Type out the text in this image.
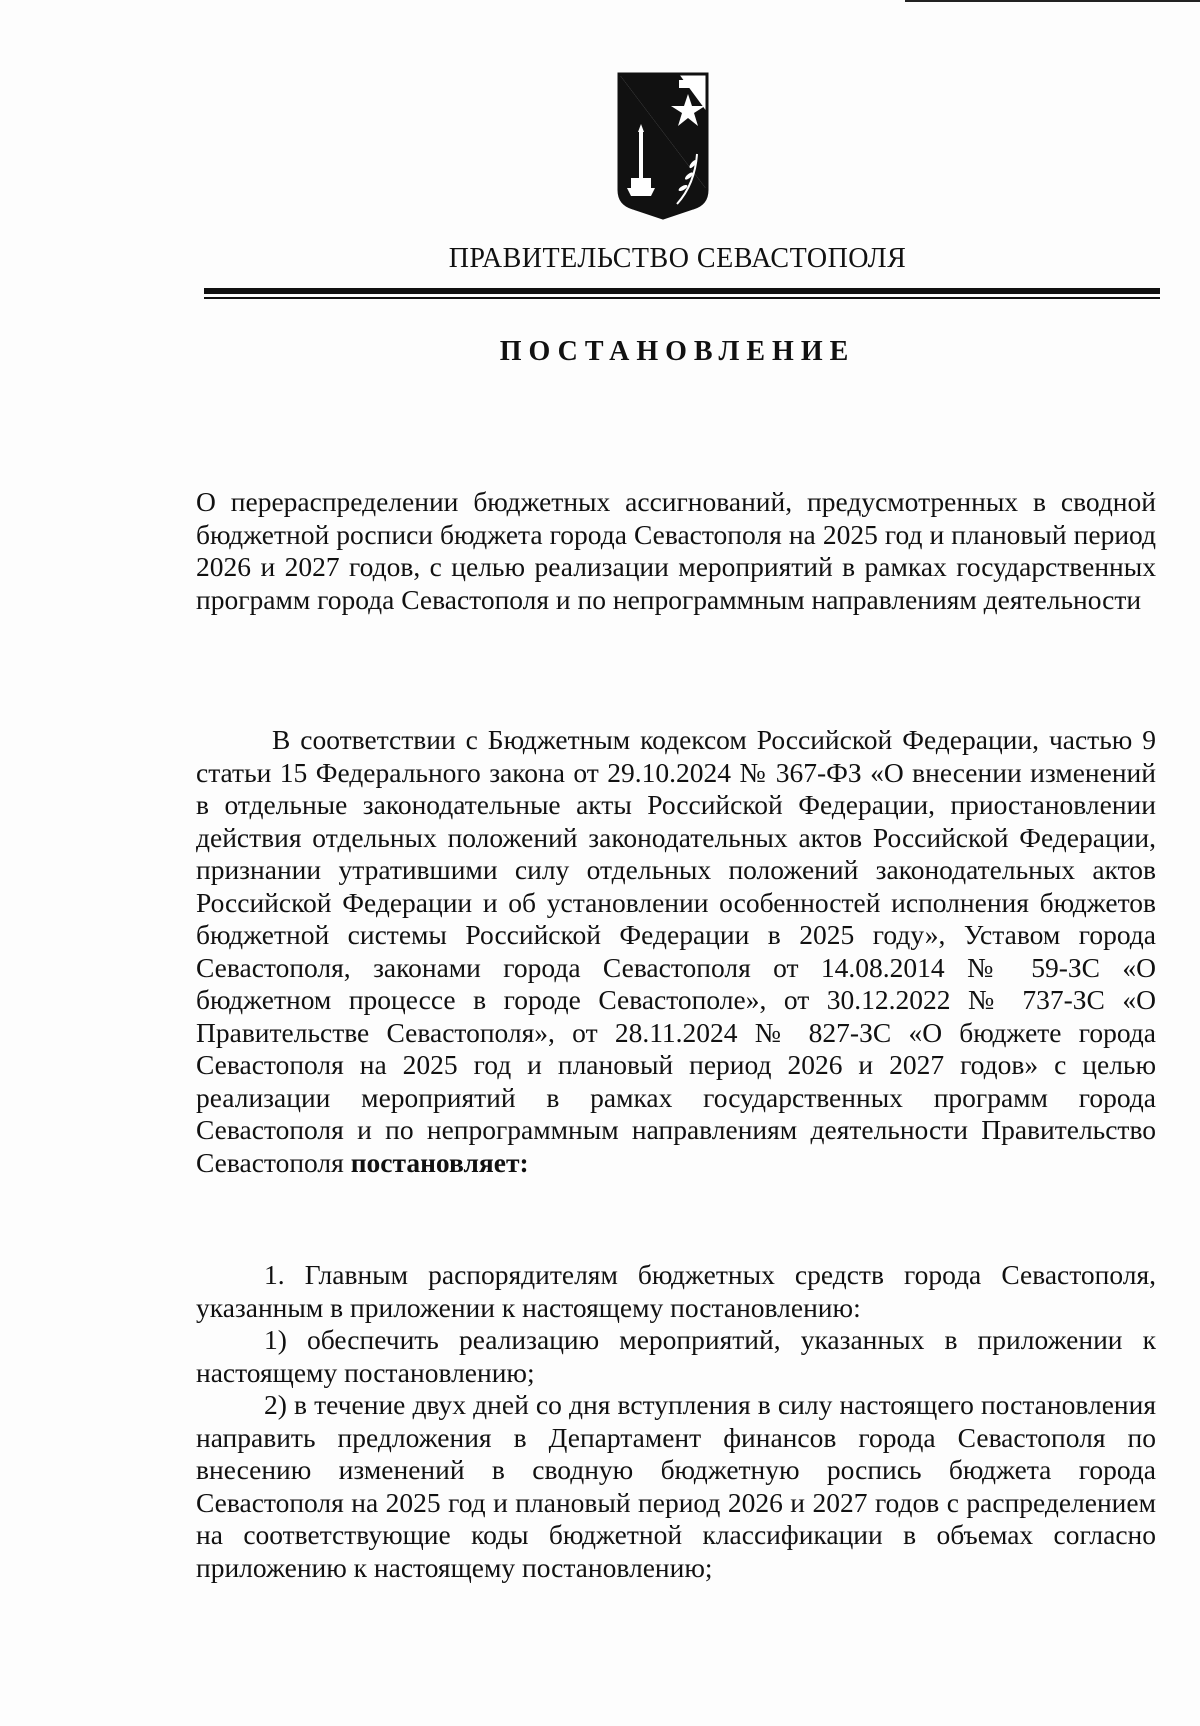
ПРАВИТЕЛЬСТВО СЕВАСТОПОЛЯ
ПОСТАНОВЛЕНИЕ
О перераспределении бюджетных ассигнований, предусмотренных в сводной бюджетной росписи бюджета города Севастополя на 2025 год и плановый период 2026 и 2027 годов, с целью реализации мероприятий в рамках государственных программ города Севастополя и по непрограммным направлениям деятельности
В соответствии с Бюджетным кодексом Российской Федерации, частью 9 статьи 15 Федерального закона от 29.10.2024 № 367-ФЗ «О внесении изменений в отдельные законодательные акты Российской Федерации, приостановлении действия отдельных положений законодательных актов Российской Федерации, признании утратившими силу отдельных положений законодательных актов Российской Федерации и об установлении особенностей исполнения бюджетов бюджетной системы Российской Федерации в 2025 году», Уставом города Севастополя, законами города Севастополя от 14.08.2014 № 59-ЗС «О бюджетном процессе в городе Севастополе», от 30.12.2022 № 737-ЗС «О Правительстве Севастополя», от 28.11.2024 № 827-ЗС «О бюджете города Севастополя на 2025 год и плановый период 2026 и 2027 годов» с целью реализации мероприятий в рамках государственных программ города Севастополя и по непрограммным направлениям деятельности Правительство Севастополя постановляет:
1. Главным распорядителям бюджетных средств города Севастополя, указанным в приложении к настоящему постановлению:
1) обеспечить реализацию мероприятий, указанных в приложении к настоящему постановлению;
2) в течение двух дней со дня вступления в силу настоящего постановления направить предложения в Департамент финансов города Севастополя по внесению изменений в сводную бюджетную роспись бюджета города Севастополя на 2025 год и плановый период 2026 и 2027 годов с распределением на соответствующие коды бюджетной классификации в объемах согласно приложению к настоящему постановлению;
